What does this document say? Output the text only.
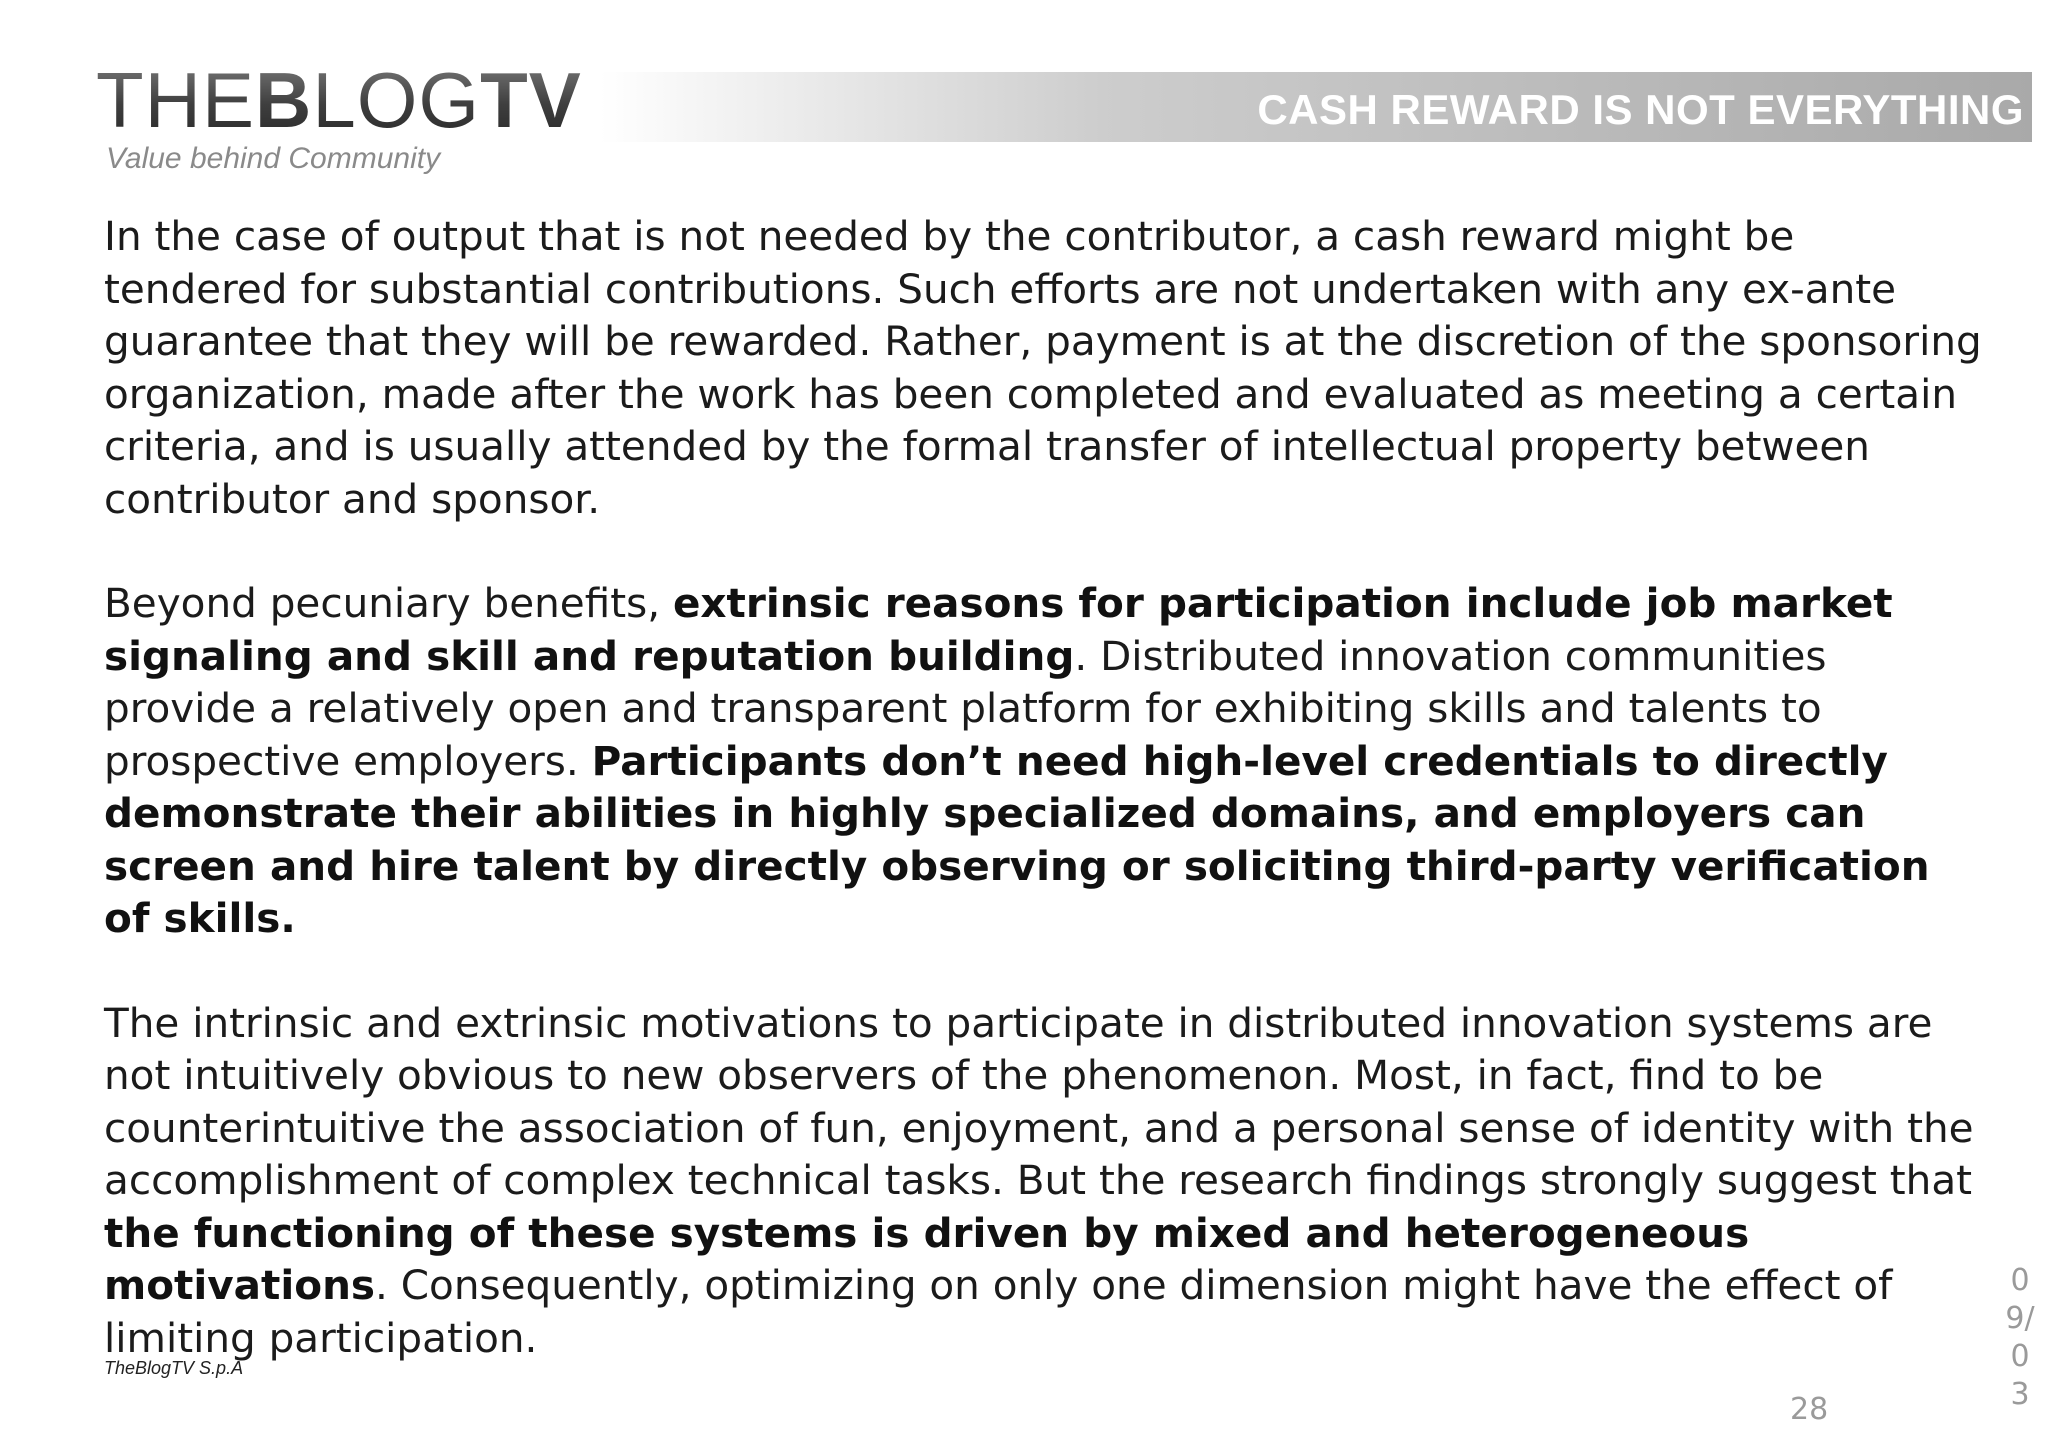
THEBLOGTV
Value behind Community
CASH REWARD IS NOT EVERYTHING

In the case of output that is not needed by the contributor, a cash reward might be tendered for substantial contributions. Such efforts are not undertaken with any ex-ante guarantee that they will be rewarded. Rather, payment is at the discretion of the sponsoring organization, made after the work has been completed and evaluated as meeting a certain criteria, and is usually attended by the formal transfer of intellectual property between contributor and sponsor.

Beyond pecuniary benefits, extrinsic reasons for participation include job market signaling and skill and reputation building. Distributed innovation communities provide a relatively open and transparent platform for exhibiting skills and talents to prospective employers. Participants don’t need high-level credentials to directly demonstrate their abilities in highly specialized domains, and employers can screen and hire talent by directly observing or soliciting third-party verification of skills.

The intrinsic and extrinsic motivations to participate in distributed innovation systems are not intuitively obvious to new observers of the phenomenon. Most, in fact, find to be counterintuitive the association of fun, enjoyment, and a personal sense of identity with the accomplishment of complex technical tasks. But the research findings strongly suggest that the functioning of these systems is driven by mixed and heterogeneous motivations. Consequently, optimizing on only one dimension might have the effect of limiting participation.

TheBlogTV S.p.A
28
09/03
